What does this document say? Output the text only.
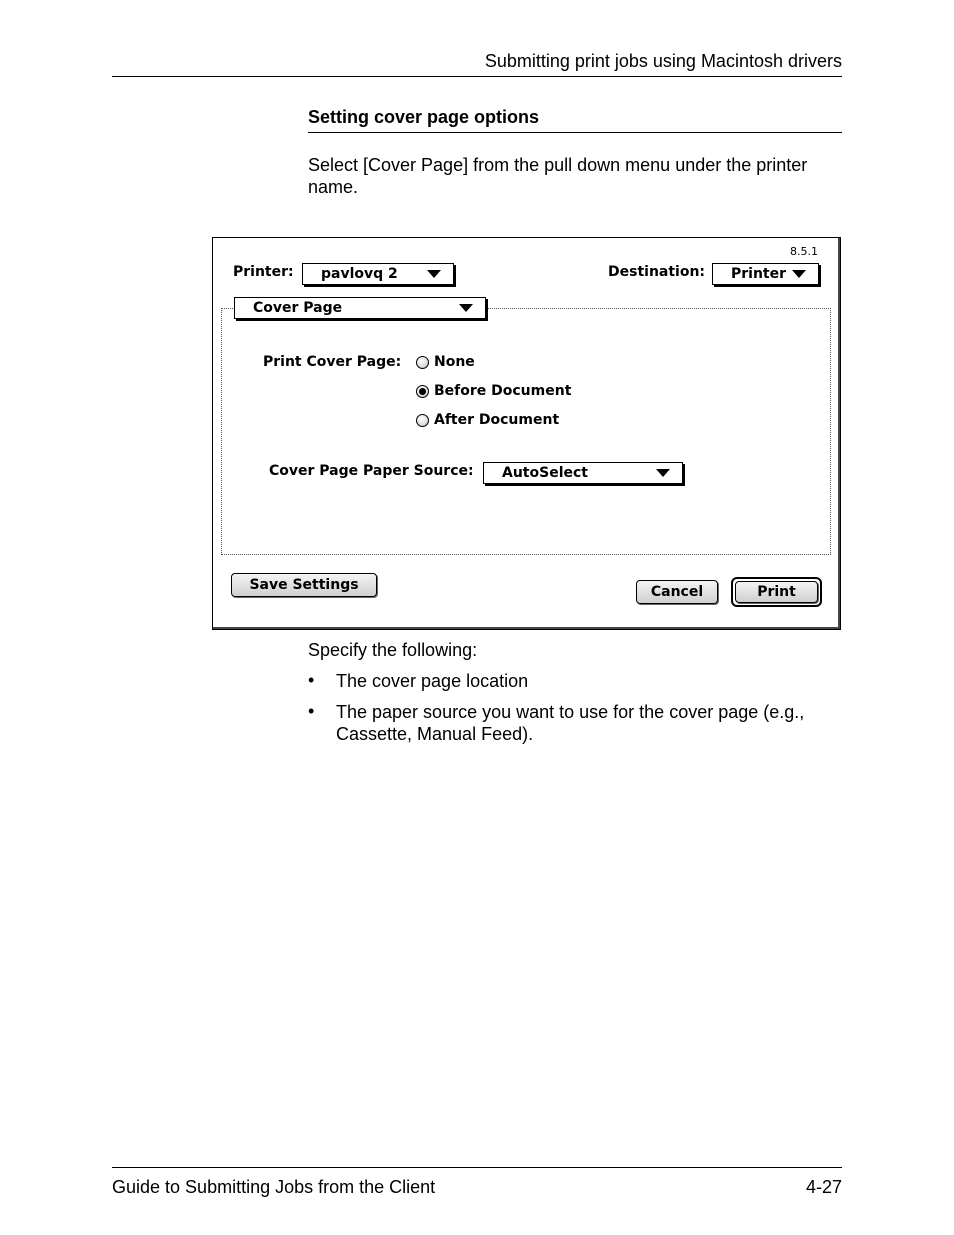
Submitting print jobs using Macintosh drivers
Setting cover page options
Select [Cover Page] from the pull down menu under the printer name.
8.5.1
Printer:	pavlovq 2	Destination:	Printer
Cover Page
Print Cover Page: None
Before Document
After Document
Cover Page Paper Source:	AutoSelect
Save Settings	Cancel	Print
Specify the following:
• The cover page location
• The paper source you want to use for the cover page (e.g., Cassette, Manual Feed).
Guide to Submitting Jobs from the Client	4-27
